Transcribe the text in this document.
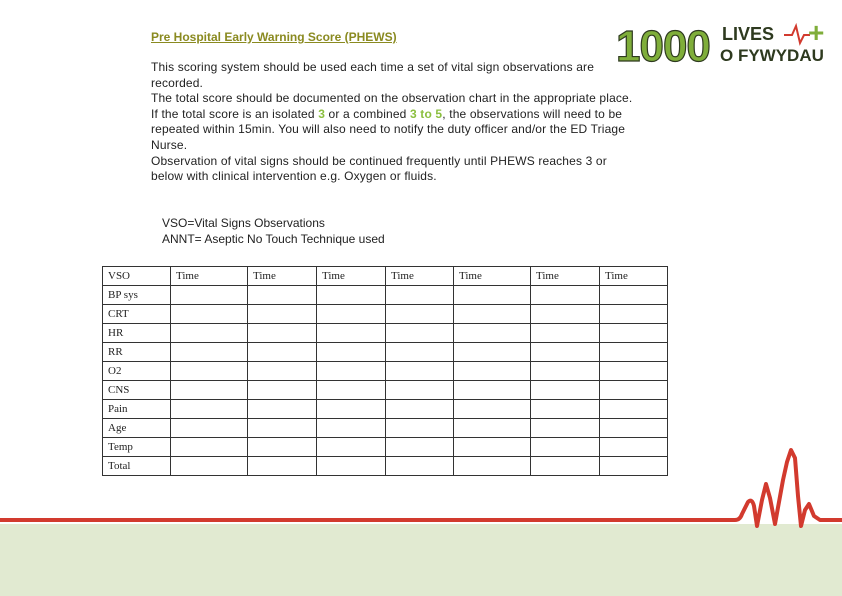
Pre Hospital Early Warning Score (PHEWS)	1000 LIVES
O FYWYDAU
+

This scoring system should be used each time a set of vital sign observations are recorded.

The total score should be documented on the observation chart in the appropriate place.

If the total score is an isolated 3 or a combined 3 to 5, the observations will need to be repeated within 15min. You will also need to notify the duty officer and/or the ED Triage Nurse.

Observation of vital signs should be continued frequently until PHEWS reaches 3 or below with clinical intervention e.g. Oxygen or fluids.

VSO=Vital Signs Observations

ANNT= Aseptic No Touch Technique used

VSO	Time	Time	Time	Time	Time	Time	Time
BP sys							
CRT							
HR							
RR							
O2							
CNS							
Pain							
Age							
Temp							
Total							
